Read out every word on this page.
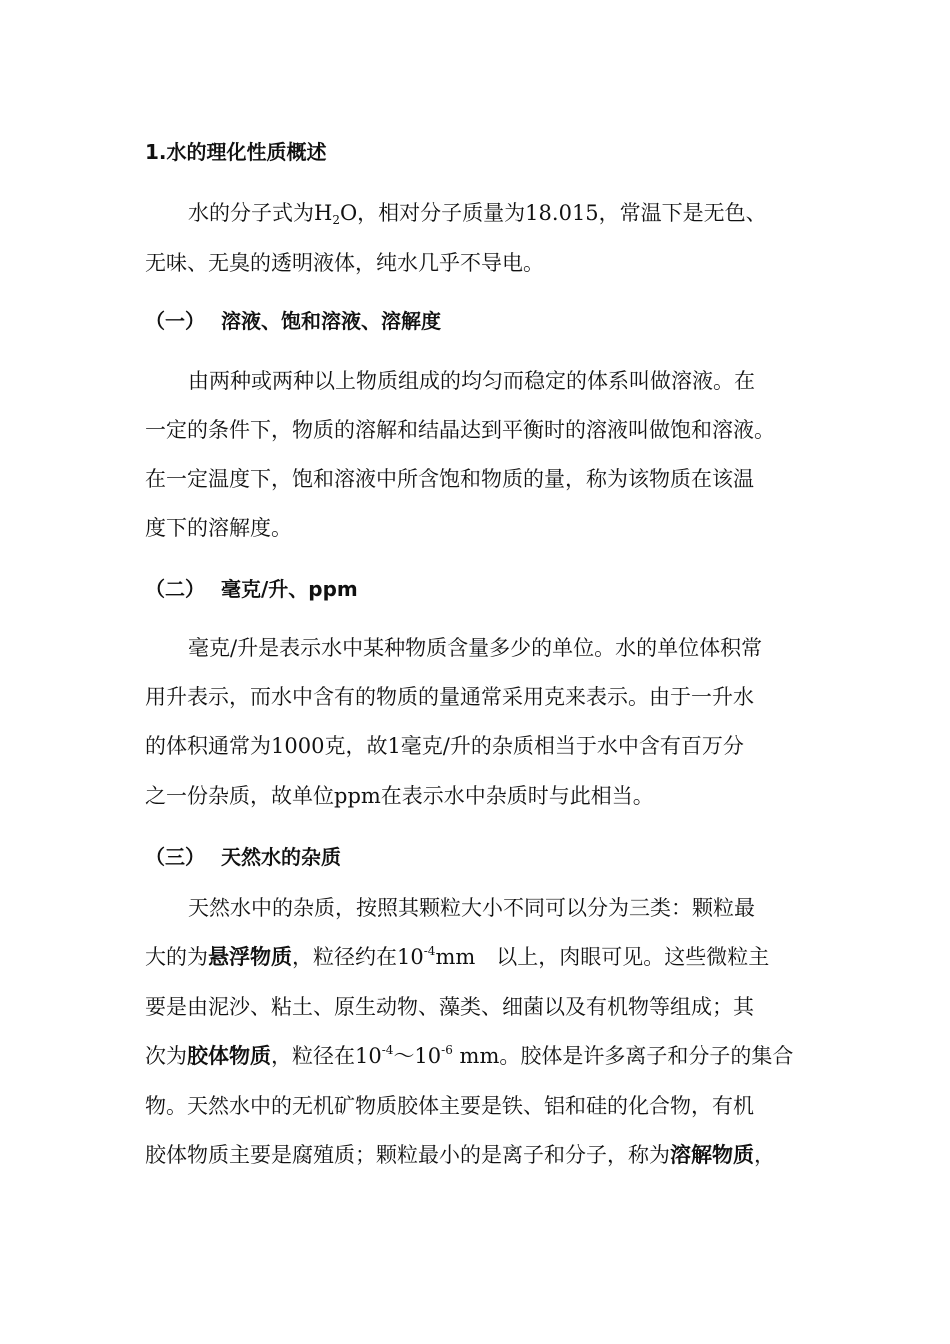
1.水的理化性质概述
水的分子式为$H_2O$，相对分子质量为18.015，常温下是无色、
无味、无臭的透明液体，纯水几乎不导电。
（一） 溶液、饱和溶液、溶解度
由两种或两种以上物质组成的均匀而稳定的体系叫做溶液。在
一定的条件下，物质的溶解和结晶达到平衡时的溶液叫做饱和溶液。
在一定温度下，饱和溶液中所含饱和物质的量，称为该物质在该温
度下的溶解度。
（二） 毫克/升、ppm
毫克/升是表示水中某种物质含量多少的单位。水的单位体积常
用升表示，而水中含有的物质的量通常采用克来表示。由于一升水
的体积通常为1000克，故1毫克/升的杂质相当于水中含有百万分
之一份杂质，故单位ppm在表示水中杂质时与此相当。
（三） 天然水的杂质
天然水中的杂质，按照其颗粒大小不同可以分为三类：颗粒最
大的为悬浮物质，粒径约在$10^{-4}mm$　以上，肉眼可见。这些微粒主
要是由泥沙、粘土、原生动物、藻类、细菌以及有机物等组成；其
次为胶体物质，粒径在$10^{-4}\sim 10^{-6}$ mm。胶体是许多离子和分子的集合
物。天然水中的无机矿物质胶体主要是铁、铝和硅的化合物，有机
胶体物质主要是腐殖质；颗粒最小的是离子和分子，称为溶解物质，
